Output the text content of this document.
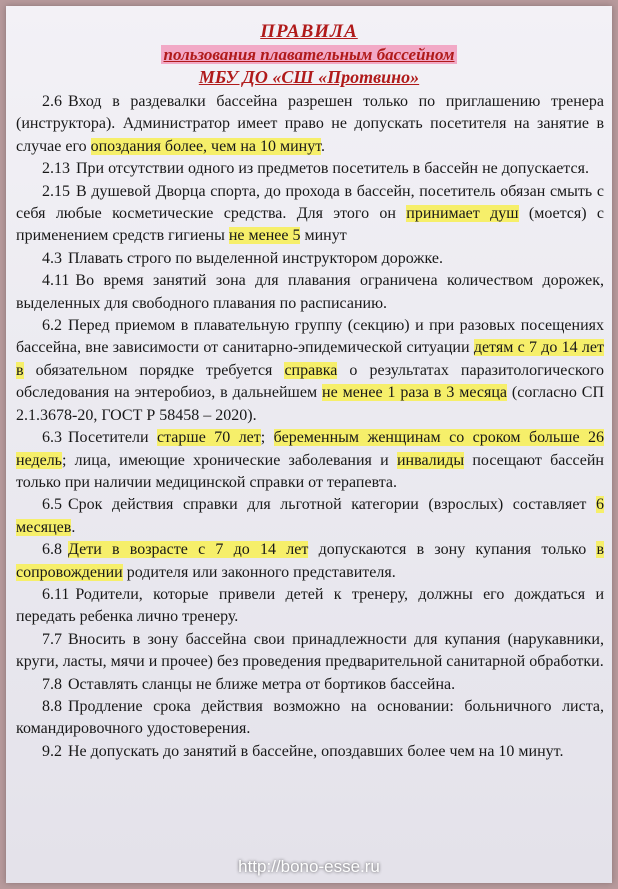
ПРАВИЛА
пользования плавательным бассейном
МБУ ДО «СШ «Протвино»

2.6 Вход в раздевалки бассейна разрешен только по приглашению тренера (инструктора). Администратор имеет право не допускать посетителя на занятие в случае его опоздания более, чем на 10 минут.

2.13 При отсутствии одного из предметов посетитель в бассейн не допускается.

2.15 В душевой Дворца спорта, до прохода в бассейн, посетитель обязан смыть с себя любые косметические средства. Для этого он принимает душ (моется) с применением средств гигиены не менее 5 минут

4.3 Плавать строго по выделенной инструктором дорожке.

4.11 Во время занятий зона для плавания ограничена количеством дорожек, выделенных для свободного плавания по расписанию.

6.2 Перед приемом в плавательную группу (секцию) и при разовых посещениях бассейна, вне зависимости от санитарно-эпидемической ситуации детям с 7 до 14 лет в обязательном порядке требуется справка о результатах паразитологического обследования на энтеробиоз, в дальнейшем не менее 1 раза в 3 месяца (согласно СП 2.1.3678-20, ГОСТ Р 58458 – 2020).

6.3 Посетители старше 70 лет; беременным женщинам со сроком больше 26 недель; лица, имеющие хронические заболевания и инвалиды посещают бассейн только при наличии медицинской справки от терапевта.

6.5 Срок действия справки для льготной категории (взрослых) составляет 6 месяцев.

6.8 Дети в возрасте с 7 до 14 лет допускаются в зону купания только в сопровождении родителя или законного представителя.

6.11 Родители, которые привели детей к тренеру, должны его дождаться и передать ребенка лично тренеру.

7.7 Вносить в зону бассейна свои принадлежности для купания (нарукавники, круги, ласты, мячи и прочее) без проведения предварительной санитарной обработки.

7.8 Оставлять сланцы не ближе метра от бортиков бассейна.

8.8 Продление срока действия возможно на основании: больничного листа, командировочного удостоверения.

9.2 Не допускать до занятий в бассейне, опоздавших более чем на 10 минут.

http://bono-esse.ru
